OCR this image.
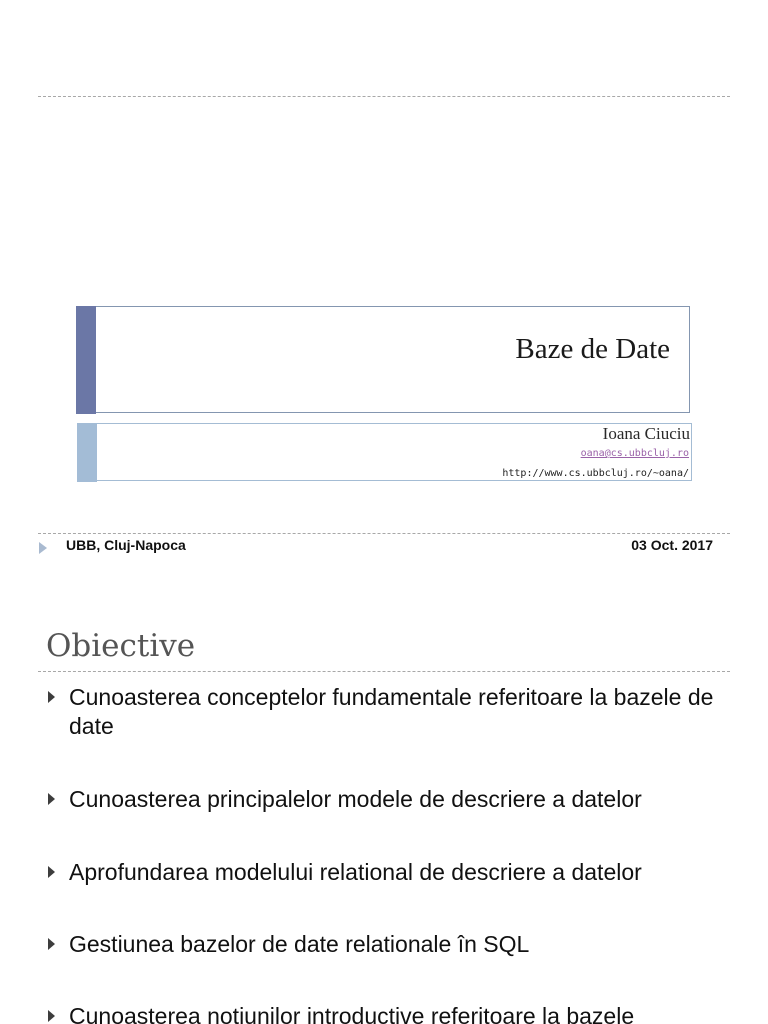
Baze de Date
Ioana Ciuciu
oana@cs.ubbcluj.ro
http://www.cs.ubbcluj.ro/~oana/
UBB, Cluj-Napoca	03 Oct. 2017
Obiective
Cunoasterea conceptelor fundamentale referitoare la bazele de date
Cunoasterea principalelor modele de descriere a datelor
Aprofundarea modelului relational de descriere a datelor
Gestiunea bazelor de date relationale în SQL
Cunoasterea notiunilor introductive referitoare la bazele
